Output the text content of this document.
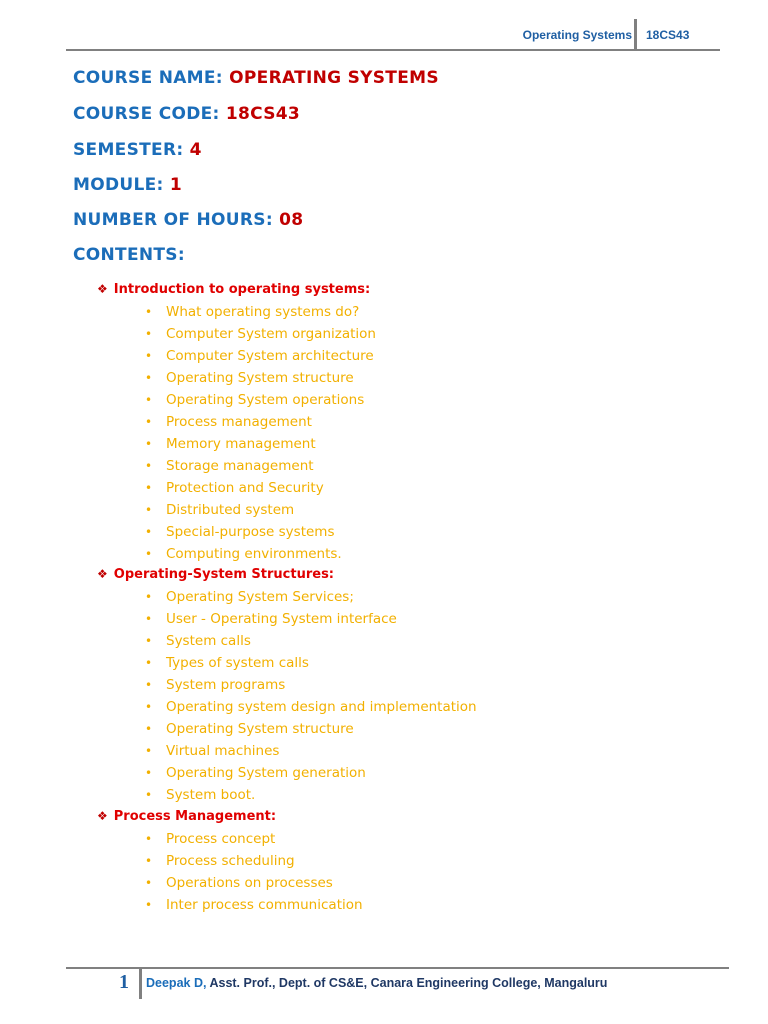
Operating Systems 18CS43
COURSE NAME: OPERATING SYSTEMS
COURSE CODE: 18CS43
SEMESTER: 4
MODULE: 1
NUMBER OF HOURS: 08
CONTENTS:
❖ Introduction to operating systems:
• What operating systems do?
• Computer System organization
• Computer System architecture
• Operating System structure
• Operating System operations
• Process management
• Memory management
• Storage management
• Protection and Security
• Distributed system
• Special-purpose systems
• Computing environments.
❖ Operating-System Structures:
• Operating System Services;
• User - Operating System interface
• System calls
• Types of system calls
• System programs
• Operating system design and implementation
• Operating System structure
• Virtual machines
• Operating System generation
• System boot.
❖ Process Management:
• Process concept
• Process scheduling
• Operations on processes
• Inter process communication
1 Deepak D, Asst. Prof., Dept. of CS&E, Canara Engineering College, Mangaluru
